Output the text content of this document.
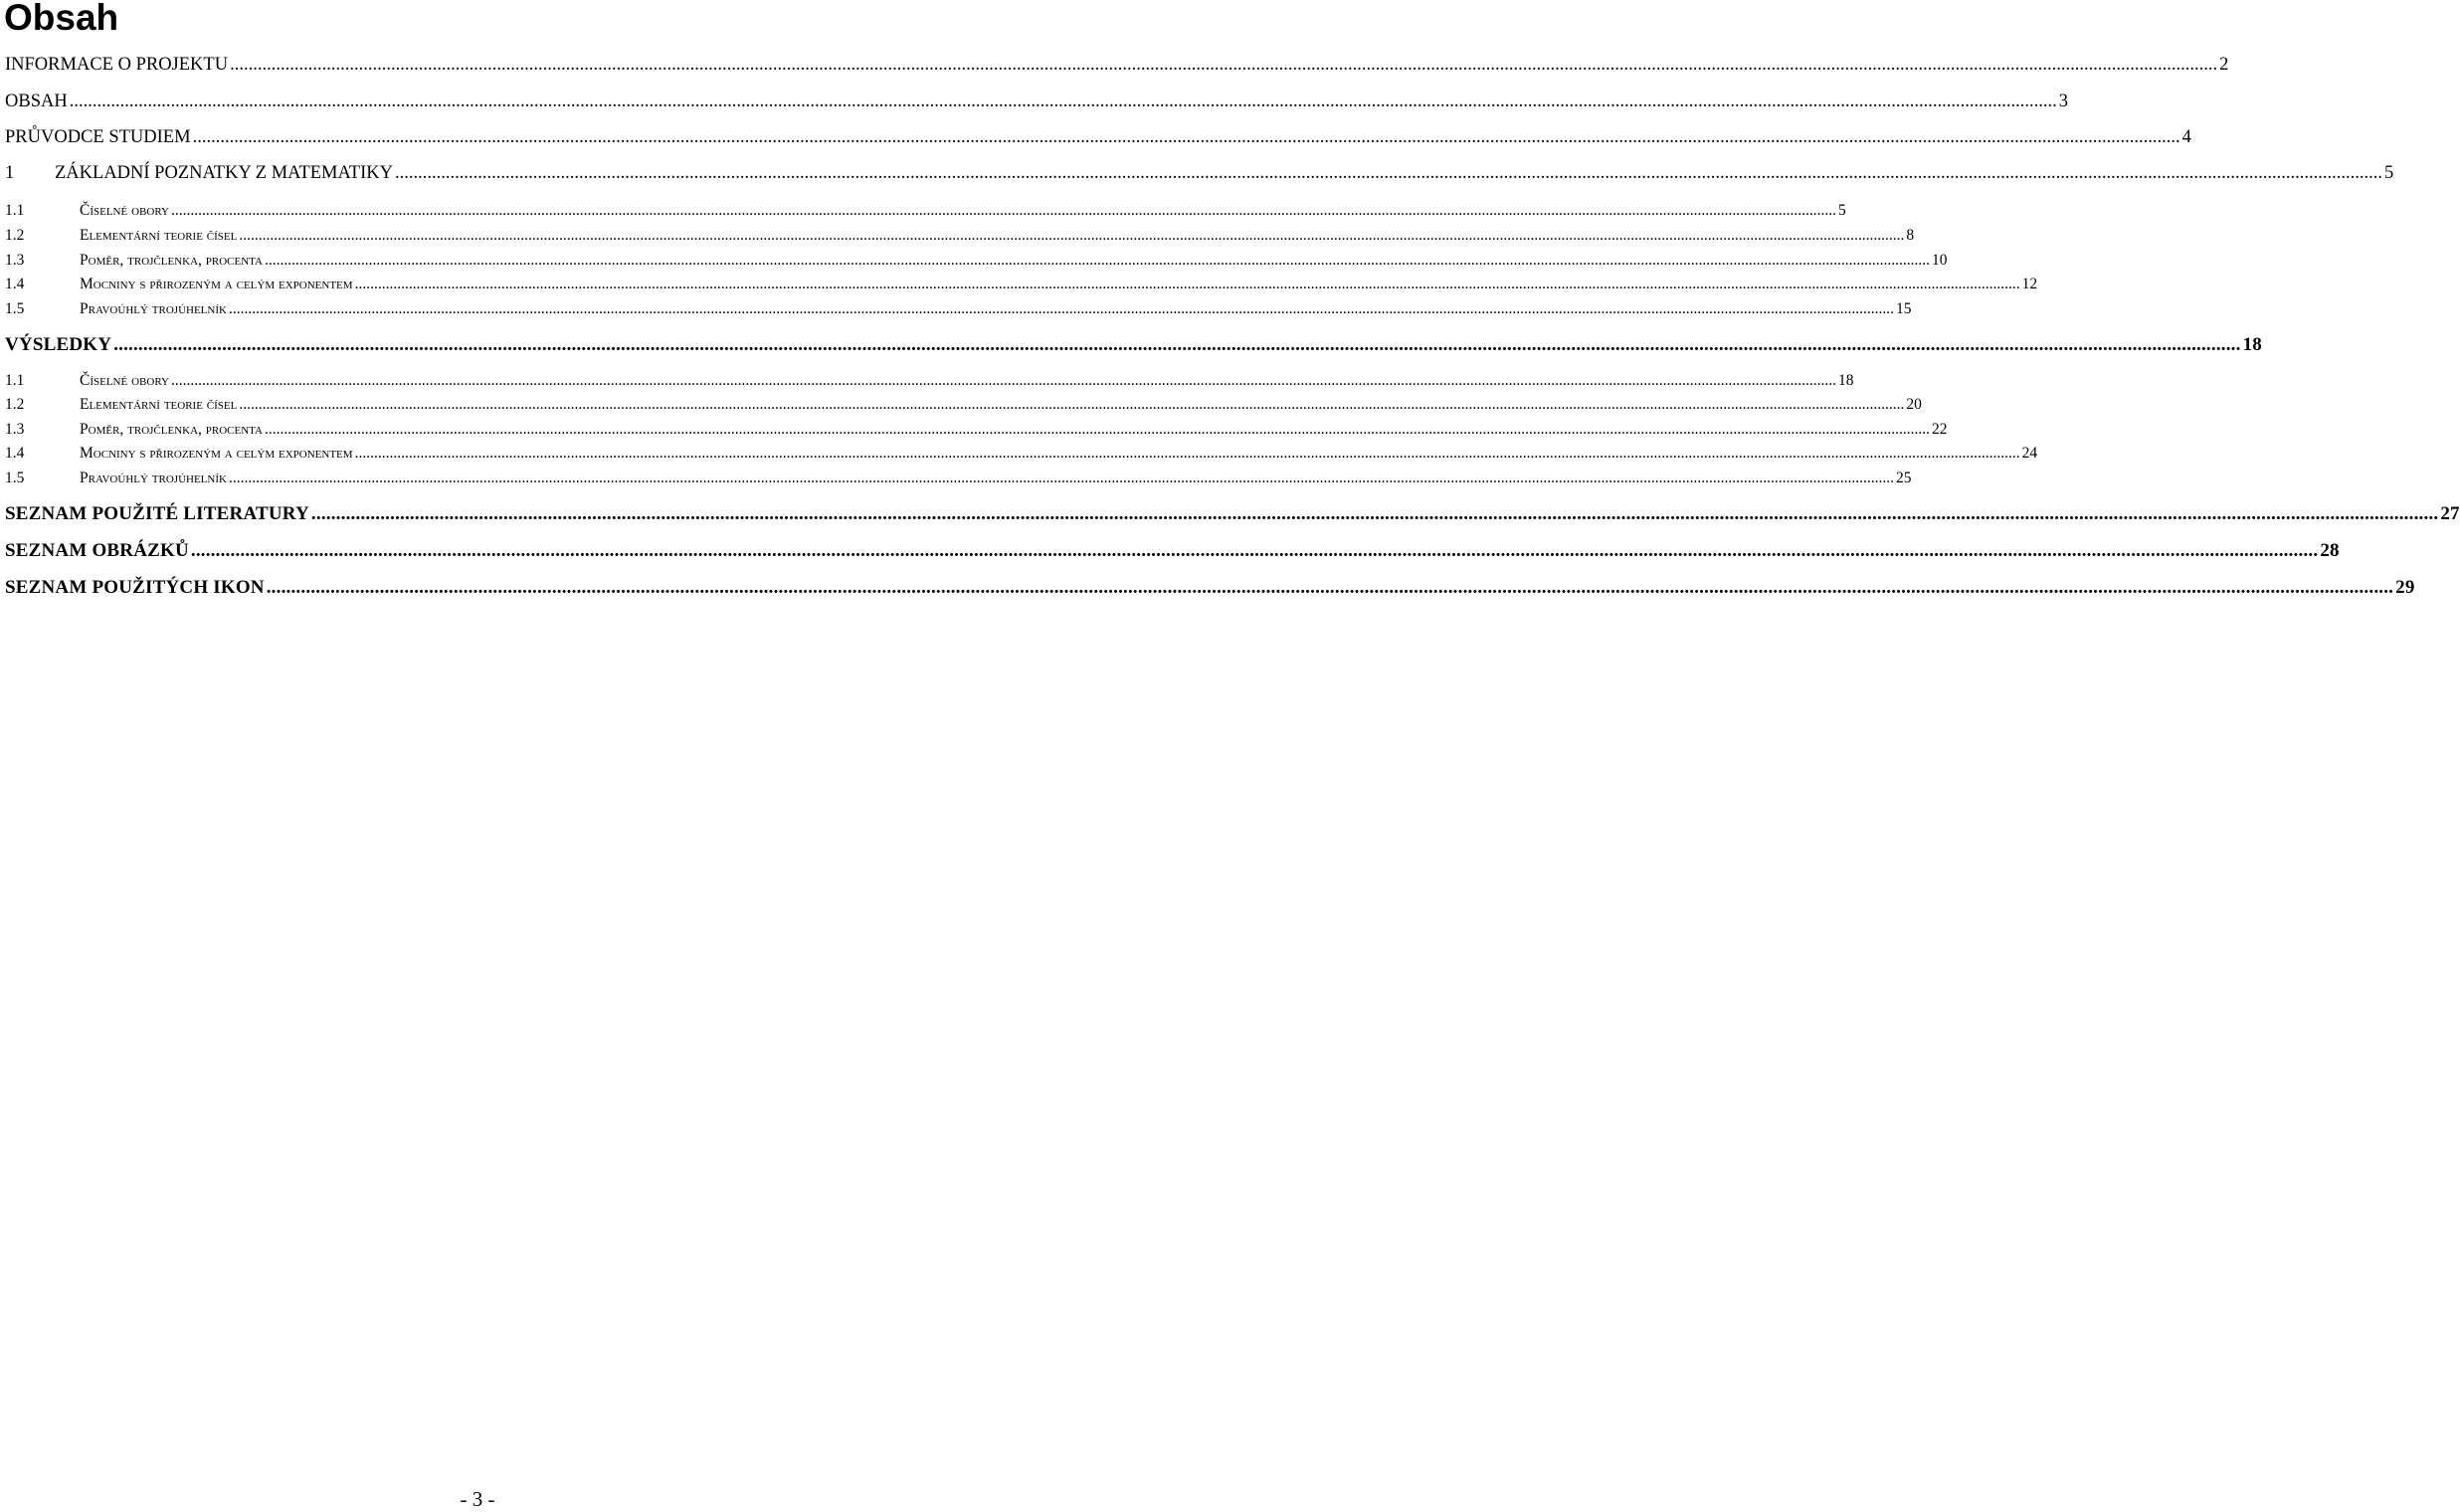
Obsah
INFORMACE O PROJEKTU .....	2
OBSAH .....	3
PRŮVODCE STUDIEM .....	4
1	ZÁKLADNÍ POZNATKY Z MATEMATIKY .....	5
1.1	Číselné obory .....	5
1.2	Elementární teorie čísel .....	8
1.3	Poměr, trojčlenka, procenta .....	10
1.4	Mocniny s přirozeným a celým exponentem .....	12
1.5	Pravoúhlý trojúhelník .....	15
VÝSLEDKY .....	18
1.1	Číselné obory .....	18
1.2	Elementární teorie čísel .....	20
1.3	Poměr, trojčlenka, procenta .....	22
1.4	Mocniny s přirozeným a celým exponentem .....	24
1.5	Pravoúhlý trojúhelník .....	25
SEZNAM POUŽITÉ LITERATURY .....	27
SEZNAM OBRÁZKŮ .....	28
SEZNAM POUŽITÝCH IKON .....	29
- 3 -
